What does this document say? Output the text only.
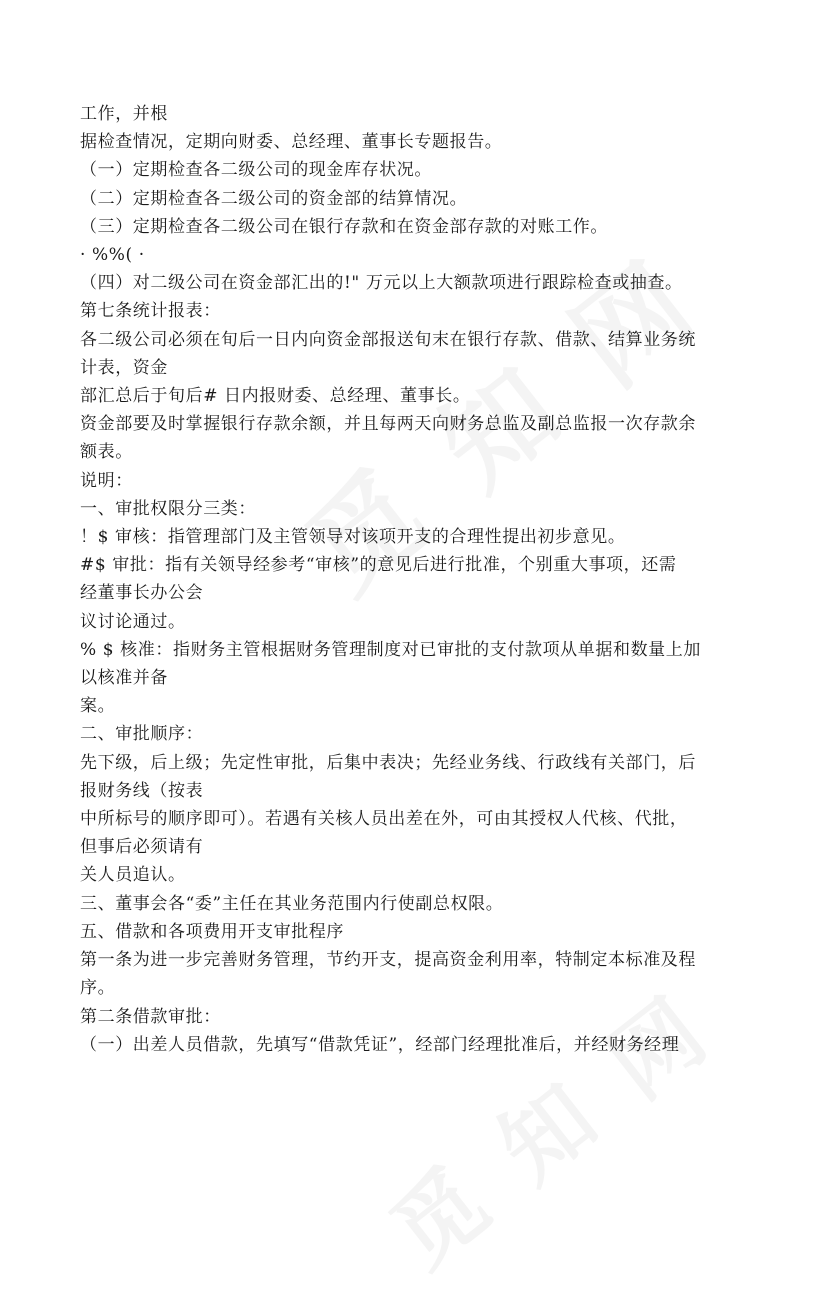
工作，并根
据检查情况，定期向财委、总经理、董事长专题报告。
（一）定期检查各二级公司的现金库存状况。
（二）定期检查各二级公司的资金部的结算情况。
（三）定期检查各二级公司在银行存款和在资金部存款的对账工作。
· %%( ·
（四）对二级公司在资金部汇出的!" 万元以上大额款项进行跟踪检查或抽查。
第七条统计报表：
各二级公司必须在旬后一日内向资金部报送旬末在银行存款、借款、结算业务统
计表，资金
部汇总后于旬后# 日内报财委、总经理、董事长。
资金部要及时掌握银行存款余额，并且每两天向财务总监及副总监报一次存款余
额表。
说明：
一、审批权限分三类：
！$ 审核：指管理部门及主管领导对该项开支的合理性提出初步意见。
#$ 审批：指有关领导经参考“审核”的意见后进行批准，个别重大事项，还需
经董事长办公会
议讨论通过。
% $ 核准：指财务主管根据财务管理制度对已审批的支付款项从单据和数量上加
以核准并备
案。
二、审批顺序：
先下级，后上级；先定性审批，后集中表决；先经业务线、行政线有关部门，后
报财务线（按表
中所标号的顺序即可）。若遇有关核人员出差在外，可由其授权人代核、代批，
但事后必须请有
关人员追认。
三、董事会各“委”主任在其业务范围内行使副总权限。
五、借款和各项费用开支审批程序
第一条为进一步完善财务管理，节约开支，提高资金利用率，特制定本标准及程
序。
第二条借款审批：
（一）出差人员借款，先填写“借款凭证”，经部门经理批准后，并经财务经理
